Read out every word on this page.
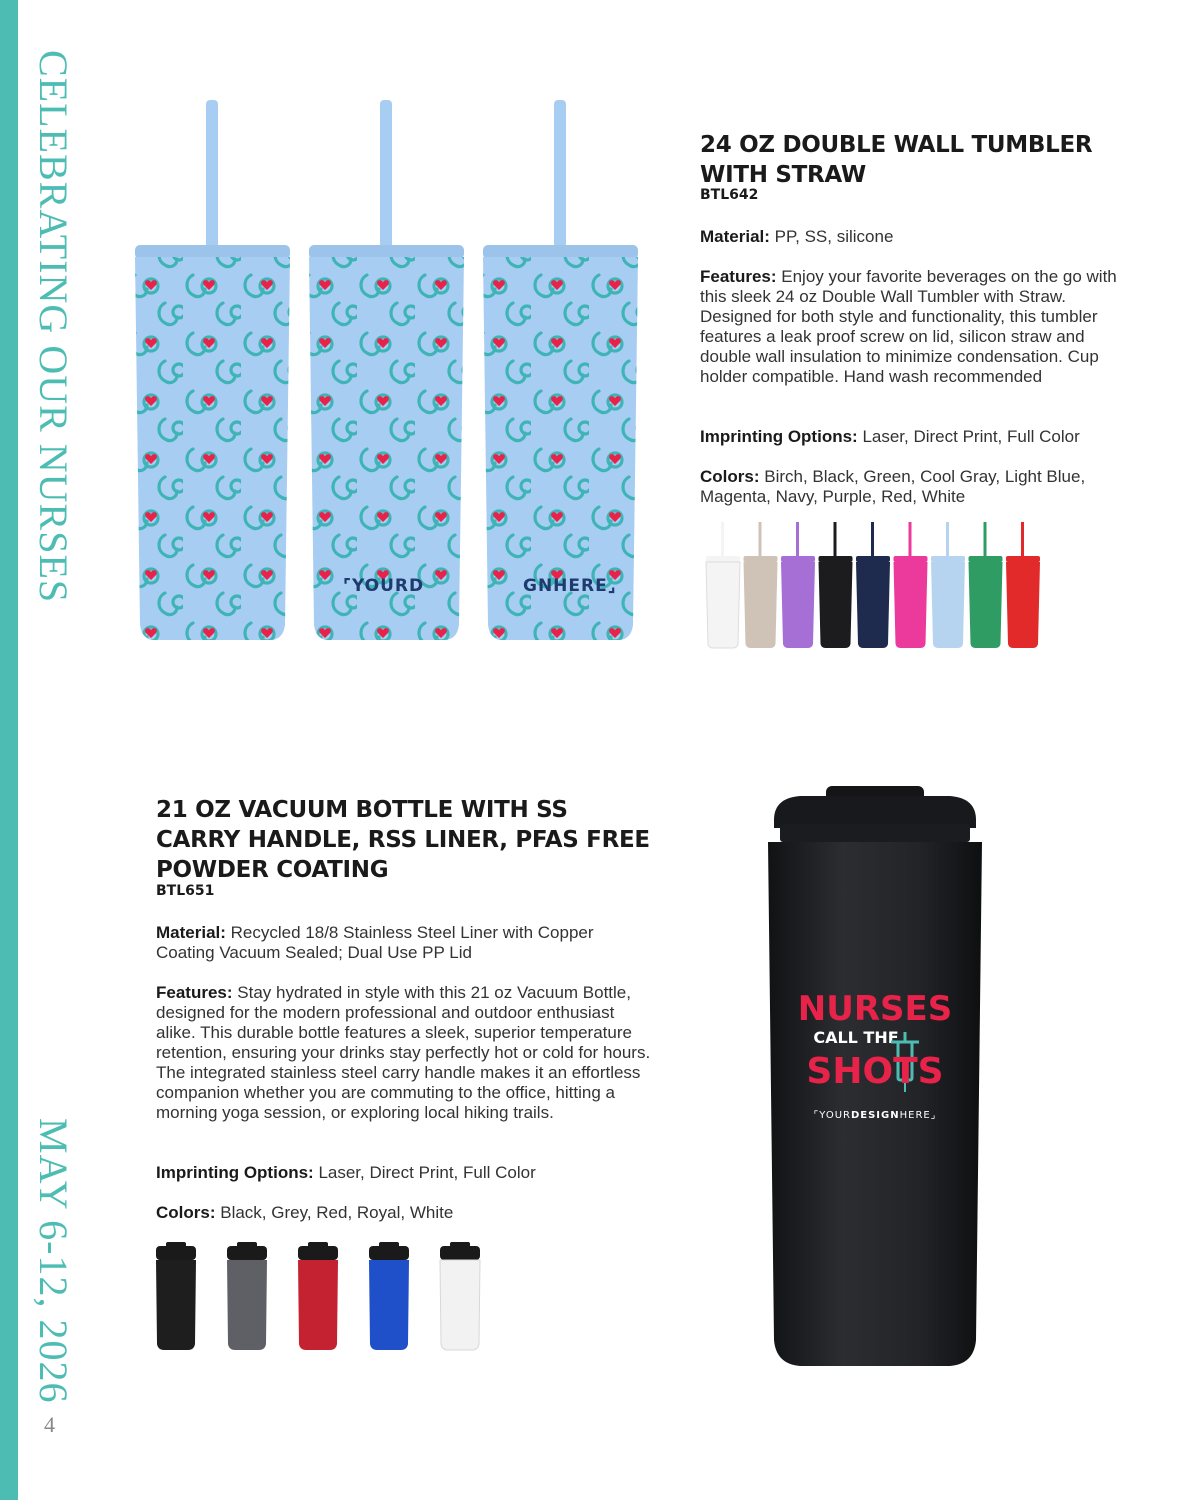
CELEBRATING OUR NURSES
MAY 6-12, 2026
4
⌜YOURD	GNHERE⌟
24 OZ DOUBLE WALL TUMBLER WITH STRAW
BTL642

Material: PP, SS, silicone

Features: Enjoy your favorite beverages on the go with this sleek 24 oz Double Wall Tumbler with Straw. Designed for both style and functionality, this tumbler features a leak proof screw on lid, silicon straw and double wall insulation to minimize condensation. Cup holder compatible. Hand wash recommended

Imprinting Options: Laser, Direct Print, Full Color

Colors: Birch, Black, Green, Cool Gray, Light Blue, Magenta, Navy, Purple, Red, White

21 OZ VACUUM BOTTLE WITH SS CARRY HANDLE, RSS LINER, PFAS FREE POWDER COATING
BTL651

Material: Recycled 18/8 Stainless Steel Liner with Copper Coating Vacuum Sealed; Dual Use PP Lid

Features: Stay hydrated in style with this 21 oz Vacuum Bottle, designed for the modern professional and outdoor enthusiast alike. This durable bottle features a sleek, superior temperature retention, ensuring your drinks stay perfectly hot or cold for hours. The integrated stainless steel carry handle makes it an effortless companion whether you are commuting to the office, hitting a morning yoga session, or exploring local hiking trails.

Imprinting Options: Laser, Direct Print, Full Color

Colors: Black, Grey, Red, Royal, White

NURSES
CALL THE
SHOTS
⌜YOURDESIGNHERE⌟
